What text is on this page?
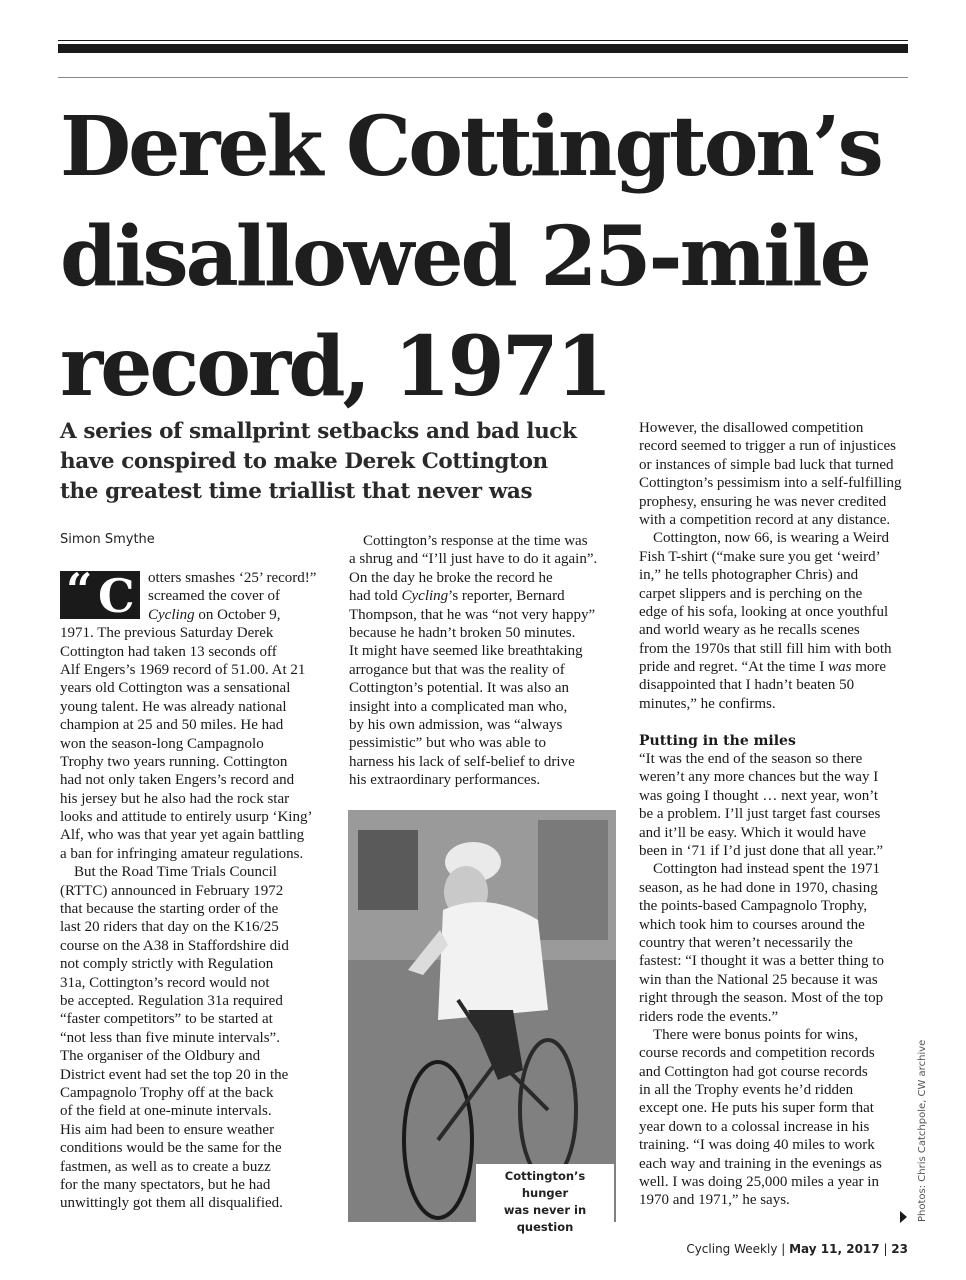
Derek Cottington’s
disallowed 25-mile
record, 1971
A series of smallprint setbacks and bad luck
have conspired to make Derek Cottington
the greatest time triallist that never was
Simon Smythe
“ C otters smashes ‘25’ record!”
screamed the cover of
Cycling on October 9,
1971. The previous Saturday Derek
Cottington had taken 13 seconds off
Alf Engers’s 1969 record of 51.00. At 21
years old Cottington was a sensational
young talent. He was already national
champion at 25 and 50 miles. He had
won the season-long Campagnolo
Trophy two years running. Cottington
had not only taken Engers’s record and
his jersey but he also had the rock star
looks and attitude to entirely usurp ‘King’
Alf, who was that year yet again battling
a ban for infringing amateur regulations.
But the Road Time Trials Council
(RTTC) announced in February 1972
that because the starting order of the
last 20 riders that day on the K16/25
course on the A38 in Staffordshire did
not comply strictly with Regulation
31a, Cottington’s record would not
be accepted. Regulation 31a required
“faster competitors” to be started at
“not less than five minute intervals”.
The organiser of the Oldbury and
District event had set the top 20 in the
Campagnolo Trophy off at the back
of the field at one-minute intervals.
His aim had been to ensure weather
conditions would be the same for the
fastmen, as well as to create a buzz
for the many spectators, but he had
unwittingly got them all disqualified.
Cottington’s response at the time was
a shrug and “I’ll just have to do it again”.
On the day he broke the record he
had told Cycling’s reporter, Bernard
Thompson, that he was “not very happy”
because he hadn’t broken 50 minutes.
It might have seemed like breathtaking
arrogance but that was the reality of
Cottington’s potential. It was also an
insight into a complicated man who,
by his own admission, was “always
pessimistic” but who was able to
harness his lack of self-belief to drive
his extraordinary performances.
Cottington’s hunger
was never in question
However, the disallowed competition
record seemed to trigger a run of injustices
or instances of simple bad luck that turned
Cottington’s pessimism into a self-fulfilling
prophesy, ensuring he was never credited
with a competition record at any distance.
Cottington, now 66, is wearing a Weird
Fish T-shirt (“make sure you get ‘weird’
in,” he tells photographer Chris) and
carpet slippers and is perching on the
edge of his sofa, looking at once youthful
and world weary as he recalls scenes
from the 1970s that still fill him with both
pride and regret. “At the time I was more
disappointed that I hadn’t beaten 50
minutes,” he confirms.
Putting in the miles
“It was the end of the season so there
weren’t any more chances but the way I
was going I thought … next year, won’t
be a problem. I’ll just target fast courses
and it’ll be easy. Which it would have
been in ‘71 if I’d just done that all year.”
Cottington had instead spent the 1971
season, as he had done in 1970, chasing
the points-based Campagnolo Trophy,
which took him to courses around the
country that weren’t necessarily the
fastest: “I thought it was a better thing to
win than the National 25 because it was
right through the season. Most of the top
riders rode the events.”
There were bonus points for wins,
course records and competition records
and Cottington had got course records
in all the Trophy events he’d ridden
except one. He puts his super form that
year down to a colossal increase in his
training. “I was doing 40 miles to work
each way and training in the evenings as
well. I was doing 25,000 miles a year in
1970 and 1971,” he says.	Photos: Chris Catchpole, CW archive
Cycling Weekly | May 11, 2017 | 23
